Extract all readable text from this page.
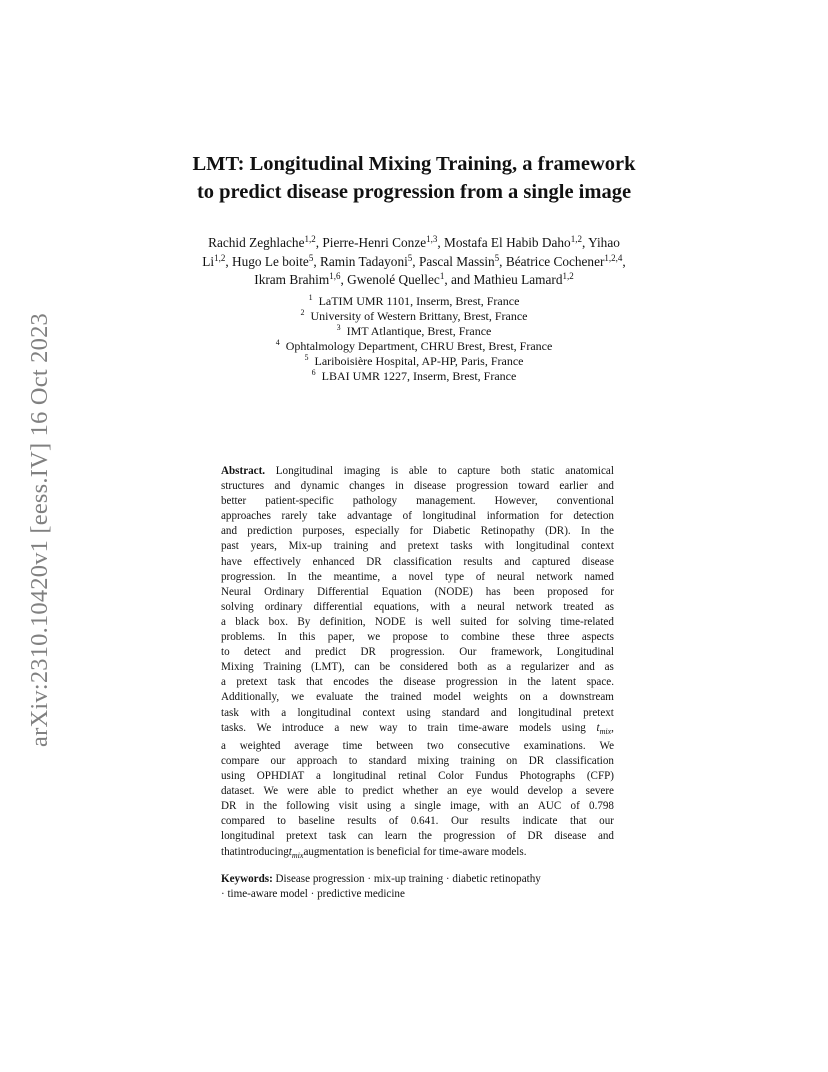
arXiv:2310.10420v1 [eess.IV] 16 Oct 2023
LMT: Longitudinal Mixing Training, a framework
to predict disease progression from a single image
Rachid Zeghlache$^{1,2}$, Pierre-Henri Conze$^{1,3}$, Mostafa El Habib Daho$^{1,2}$, Yihao
Li$^{1,2}$, Hugo Le boite$^5$, Ramin Tadayoni$^5$, Pascal Massin$^5$, Béatrice Cochener$^{1,2,4}$,
Ikram Brahim$^{1,6}$, Gwenolé Quellec$^1$, and Mathieu Lamard$^{1,2}$
$^1$ LaTIM UMR 1101, Inserm, Brest, France
$^2$ University of Western Brittany, Brest, France
$^3$ IMT Atlantique, Brest, France
$^4$ Ophtalmology Department, CHRU Brest, Brest, France
$^5$ Lariboisière Hospital, AP-HP, Paris, France
$^6$ LBAI UMR 1227, Inserm, Brest, France
Abstract. Longitudinal imaging is able to capture both static anatomical
structures and dynamic changes in disease progression toward earlier and
better patient-specific pathology management. However, conventional
approaches rarely take advantage of longitudinal information for detection
and prediction purposes, especially for Diabetic Retinopathy (DR). In the
past years, Mix-up training and pretext tasks with longitudinal context
have effectively enhanced DR classification results and captured disease
progression. In the meantime, a novel type of neural network named
Neural Ordinary Differential Equation (NODE) has been proposed for
solving ordinary differential equations, with a neural network treated as
a black box. By definition, NODE is well suited for solving time-related
problems. In this paper, we propose to combine these three aspects
to detect and predict DR progression. Our framework, Longitudinal
Mixing Training (LMT), can be considered both as a regularizer and as
a pretext task that encodes the disease progression in the latent space.
Additionally, we evaluate the trained model weights on a downstream
task with a longitudinal context using standard and longitudinal pretext
tasks. We introduce a new way to train time-aware models using $t_{mix}$,
a weighted average time between two consecutive examinations. We
compare our approach to standard mixing training on DR classification
using OPHDIAT a longitudinal retinal Color Fundus Photographs (CFP)
dataset. We were able to predict whether an eye would develop a severe
DR in the following visit using a single image, with an AUC of 0.798
compared to baseline results of 0.641. Our results indicate that our
longitudinal pretext task can learn the progression of DR disease and
that introducing $t_{mix}$ augmentation is beneficial for time-aware models.
Keywords: Disease progression · mix-up training · diabetic retinopathy
· time-aware model · predictive medicine
